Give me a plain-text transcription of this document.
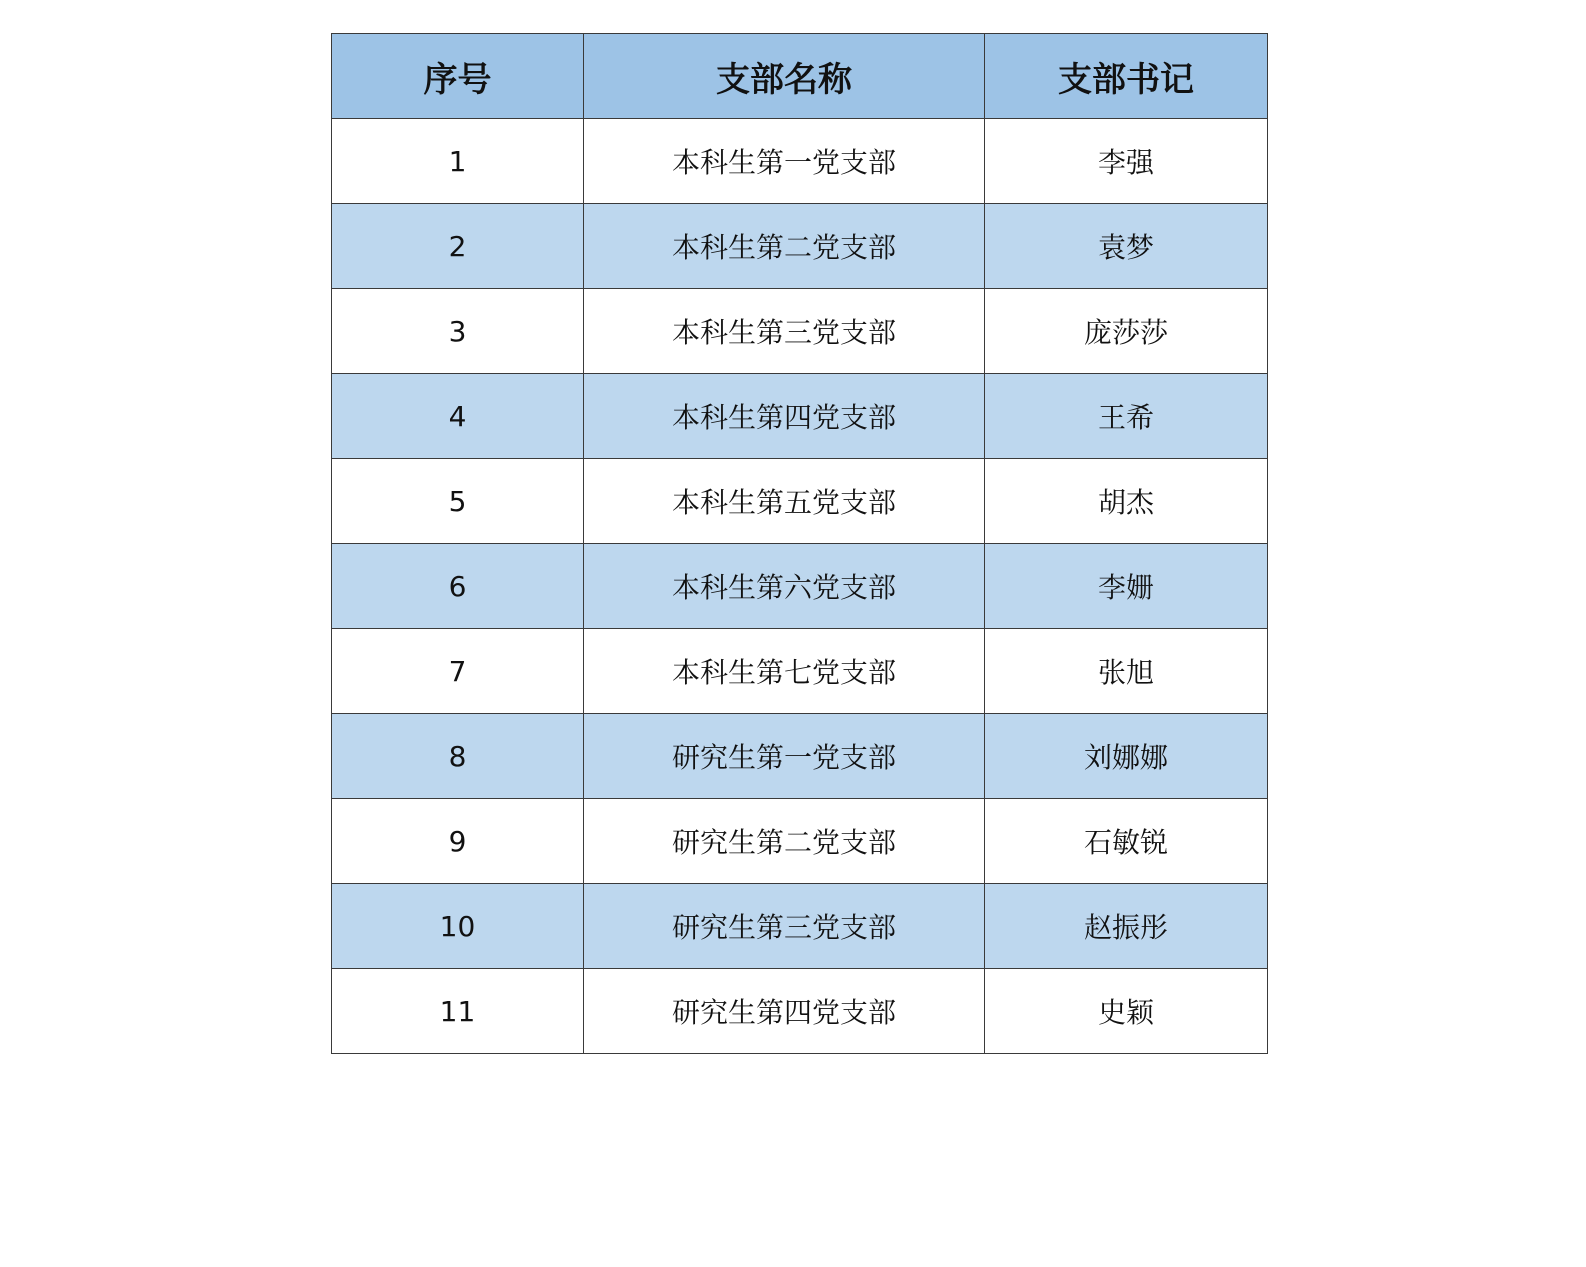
序号	支部名称	支部书记
1	本科生第一党支部	李强
2	本科生第二党支部	袁梦
3	本科生第三党支部	庞莎莎
4	本科生第四党支部	王希
5	本科生第五党支部	胡杰
6	本科生第六党支部	李姗
7	本科生第七党支部	张旭
8	研究生第一党支部	刘娜娜
9	研究生第二党支部	石敏锐
10	研究生第三党支部	赵振彤
11	研究生第四党支部	史颖
